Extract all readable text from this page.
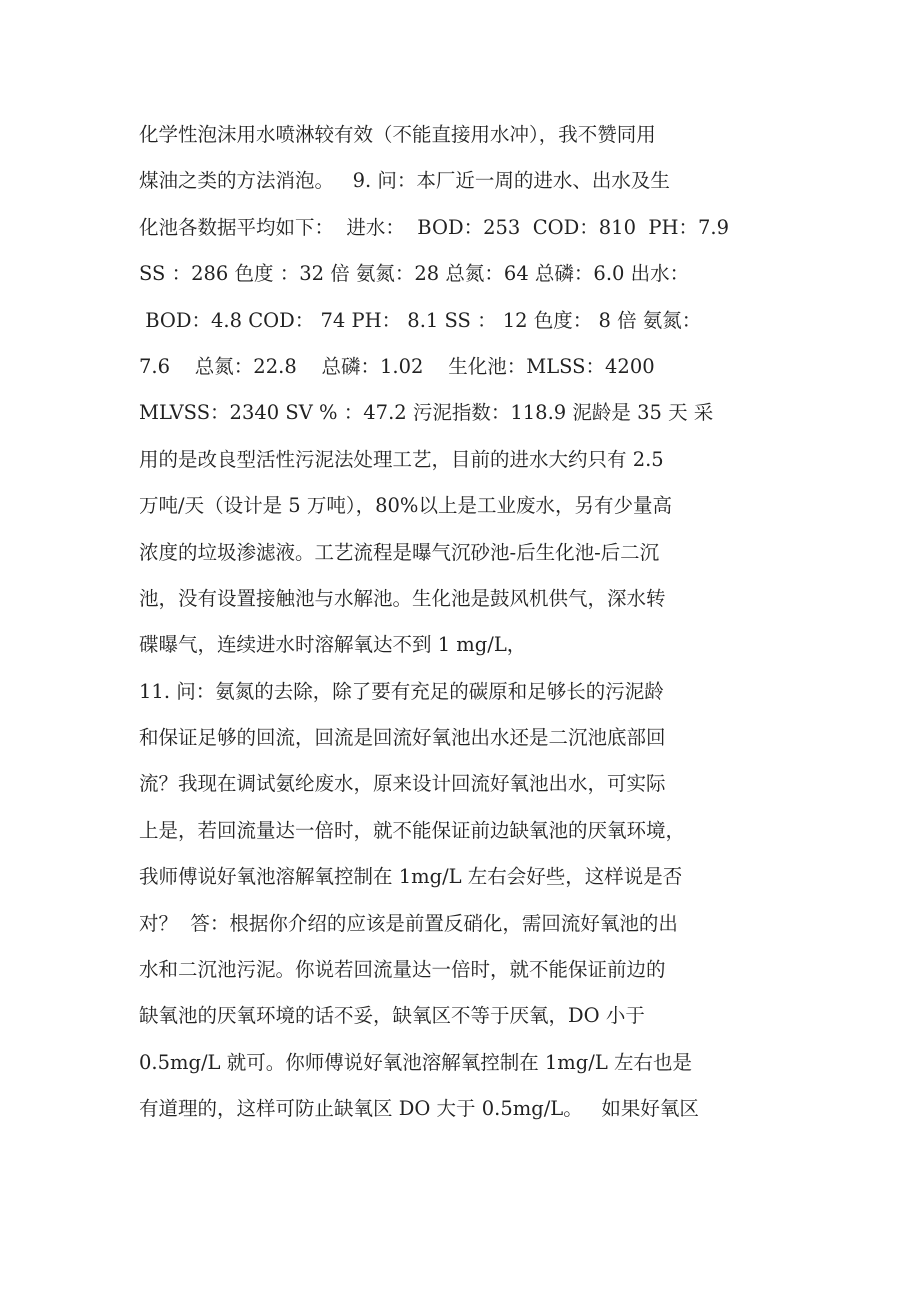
化学性泡沫用水喷淋较有效（不能直接用水冲），我不赞同用
煤油之类的方法消泡。   9. 问：本厂近一周的进水、出水及生
化池各数据平均如下：  进水：  BOD：253  COD：810  PH：7.9
SS ：286 色度 ：32 倍 氨氮：28 总氮：64 总磷：6.0 出水：
BOD：4.8 COD： 74 PH： 8.1 SS ： 12 色度： 8 倍 氨氮：
7.6    总氮：22.8    总磷：1.02    生化池：MLSS：4200
MLVSS：2340 SV % ：47.2 污泥指数：118.9 泥龄是 35 天 采
用的是改良型活性污泥法处理工艺，目前的进水大约只有 2.5
万吨/天（设计是 5 万吨），80%以上是工业废水，另有少量高
浓度的垃圾渗滤液。工艺流程是曝气沉砂池-后生化池-后二沉
池，没有设置接触池与水解池。生化池是鼓风机供气，深水转
碟曝气，连续进水时溶解氧达不到 1 mg/L，
11. 问：氨氮的去除，除了要有充足的碳原和足够长的污泥龄
和保证足够的回流，回流是回流好氧池出水还是二沉池底部回
流？我现在调试氨纶废水，原来设计回流好氧池出水，可实际
上是，若回流量达一倍时，就不能保证前边缺氧池的厌氧环境，
我师傅说好氧池溶解氧控制在 1mg/L 左右会好些，这样说是否
对？  答：根据你介绍的应该是前置反硝化，需回流好氧池的出
水和二沉池污泥。你说若回流量达一倍时，就不能保证前边的
缺氧池的厌氧环境的话不妥，缺氧区不等于厌氧，DO 小于
0.5mg/L 就可。你师傅说好氧池溶解氧控制在 1mg/L 左右也是
有道理的，这样可防止缺氧区 DO 大于 0.5mg/L。   如果好氧区
